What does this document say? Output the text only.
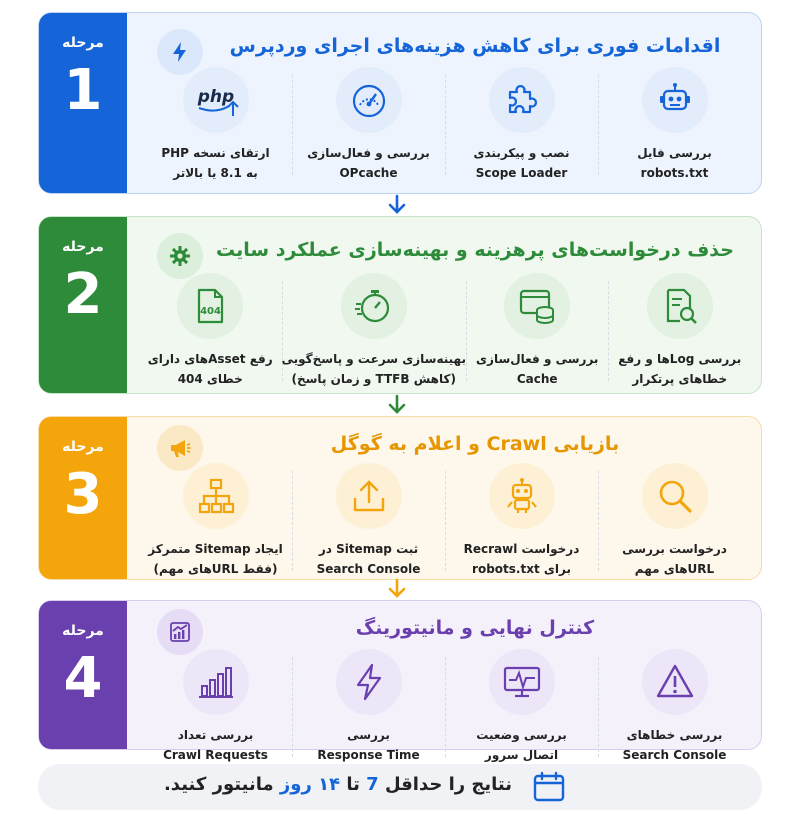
مرحله
1
اقدامات فوری برای کاهش هزینه‌های اجرای وردپرس
php
ارتقای نسخه PHP
به 8.1 یا بالاتر
بررسی و فعال‌سازی
OPcache
نصب و پیکربندی
Scope Loader
بررسی فایل
robots.txt
مرحله
2
حذف درخواست‌های پرهزینه و بهینه‌سازی عملکرد سایت
404
رفع Assetهای دارای
خطای 404
بهینه‌سازی سرعت و پاسخ‌گویی
(کاهش TTFB و زمان پاسخ)
بررسی و فعال‌سازی
Cache
بررسی Logها و رفع
خطاهای پرتکرار
مرحله
3
بازیابی Crawl و اعلام به گوگل
ایجاد Sitemap متمرکز
(فقط URLهای مهم)
ثبت Sitemap در
Search Console
درخواست Recrawl
برای robots.txt
درخواست بررسی
URLهای مهم
مرحله
4
کنترل نهایی و مانیتورینگ
بررسی تعداد
Crawl Requests
بررسی
Response Time
بررسی وضعیت
اتصال سرور
بررسی خطاهای
Search Console
نتایج را حداقل 7 تا ۱۴ روز مانیتور کنید.
